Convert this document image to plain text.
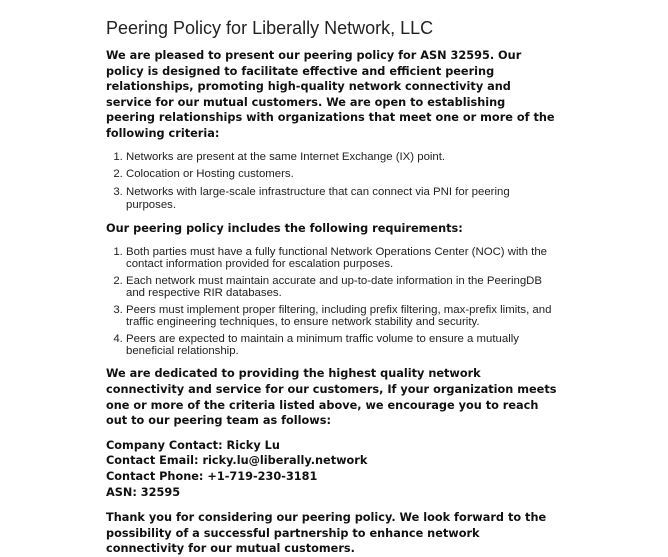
Peering Policy for Liberally Network, LLC

We are pleased to present our peering policy for ASN 32595. Our policy is designed to facilitate effective and efficient peering relationships, promoting high-quality network connectivity and service for our mutual customers. We are open to establishing peering relationships with organizations that meet one or more of the following criteria:

1. Networks are present at the same Internet Exchange (IX) point.
2. Colocation or Hosting customers.
3. Networks with large-scale infrastructure that can connect via PNI for peering purposes.

Our peering policy includes the following requirements:

1. Both parties must have a fully functional Network Operations Center (NOC) with the contact information provided for escalation purposes.
2. Each network must maintain accurate and up-to-date information in the PeeringDB and respective RIR databases.
3. Peers must implement proper filtering, including prefix filtering, max-prefix limits, and traffic engineering techniques, to ensure network stability and security.
4. Peers are expected to maintain a minimum traffic volume to ensure a mutually beneficial relationship.

We are dedicated to providing the highest quality network connectivity and service for our customers, If your organization meets one or more of the criteria listed above, we encourage you to reach out to our peering team as follows:

Company Contact: Ricky Lu
Contact Email: ricky.lu@liberally.network
Contact Phone: +1-719-230-3181
ASN: 32595

Thank you for considering our peering policy. We look forward to the possibility of a successful partnership to enhance network connectivity for our mutual customers.
